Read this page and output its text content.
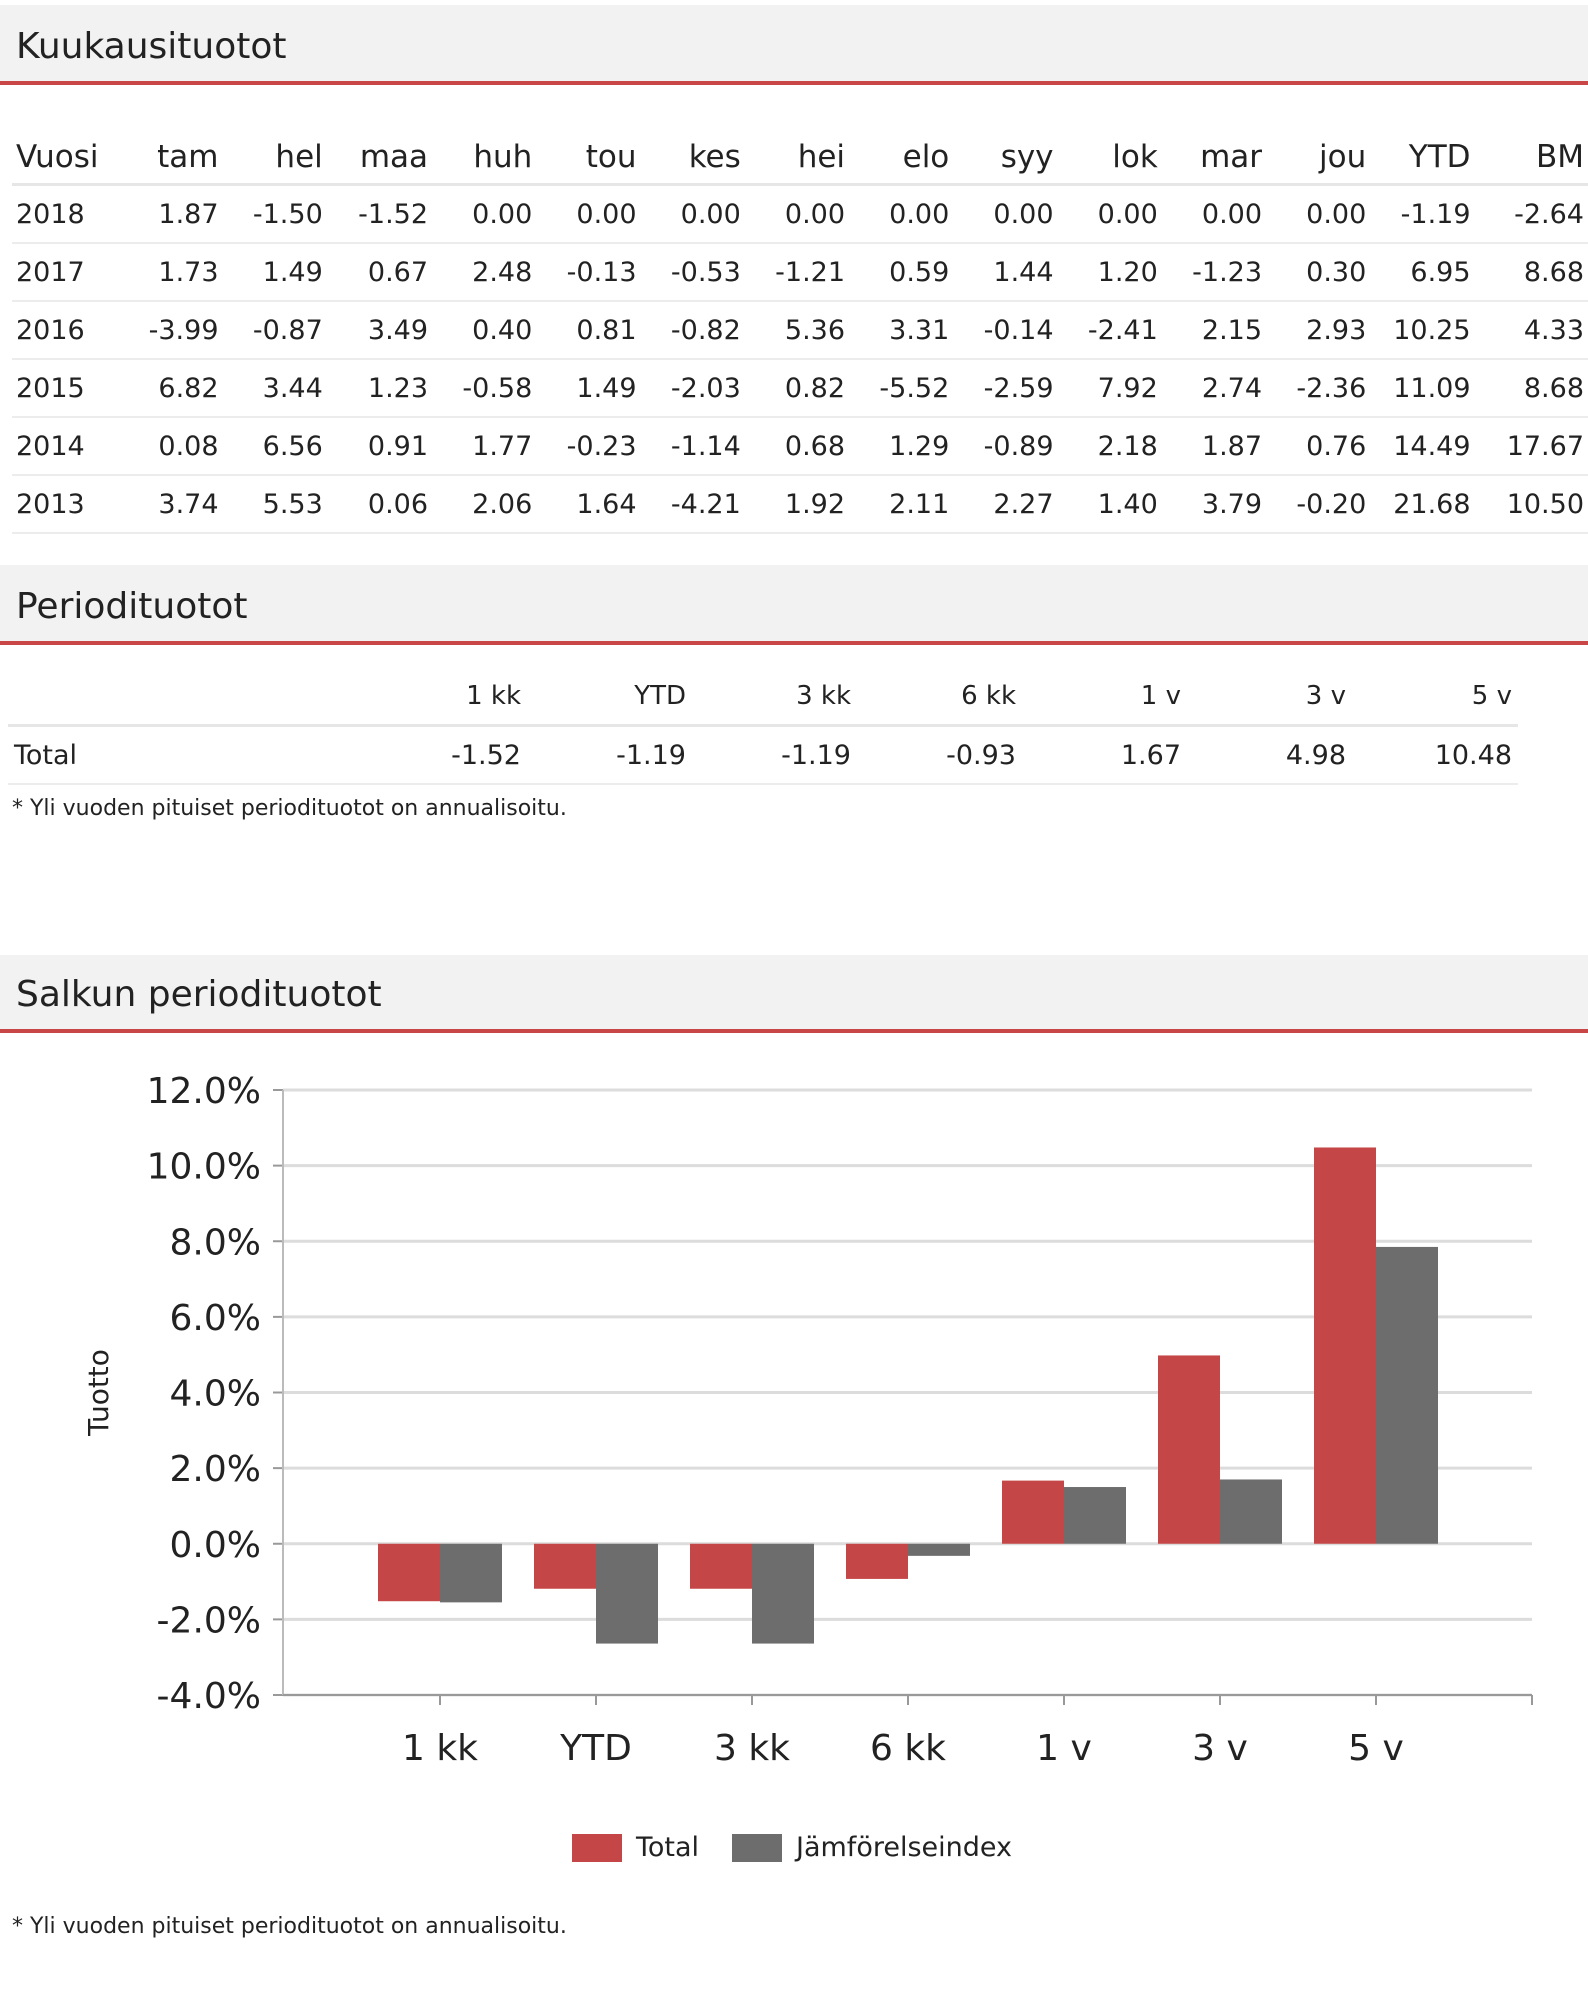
Kuukausituotot
Vuosi	tam	hel	maa	huh	tou	kes	hei	elo	syy	lok	mar	jou	YTD	BM
2018	1.87	-1.50	-1.52	0.00	0.00	0.00	0.00	0.00	0.00	0.00	0.00	0.00	-1.19	-2.64
2017	1.73	1.49	0.67	2.48	-0.13	-0.53	-1.21	0.59	1.44	1.20	-1.23	0.30	6.95	8.68
2016	-3.99	-0.87	3.49	0.40	0.81	-0.82	5.36	3.31	-0.14	-2.41	2.15	2.93	10.25	4.33
2015	6.82	3.44	1.23	-0.58	1.49	-2.03	0.82	-5.52	-2.59	7.92	2.74	-2.36	11.09	8.68
2014	0.08	6.56	0.91	1.77	-0.23	-1.14	0.68	1.29	-0.89	2.18	1.87	0.76	14.49	17.67
2013	3.74	5.53	0.06	2.06	1.64	-4.21	1.92	2.11	2.27	1.40	3.79	-0.20	21.68	10.50
Periodituotot
	1 kk	YTD	3 kk	6 kk	1 v	3 v	5 v
Total	-1.52	-1.19	-1.19	-0.93	1.67	4.98	10.48
* Yli vuoden pituiset periodituotot on annualisoitu.
Salkun periodituotot
12.0%
10.0%
8.0%
6.0%
4.0%
2.0%
0.0%
-2.0%
-4.0%
Tuotto
1 kk YTD 3 kk 6 kk	1 v	3 v	5 v
Total	Jämförelseindex
* Yli vuoden pituiset periodituotot on annualisoitu.
